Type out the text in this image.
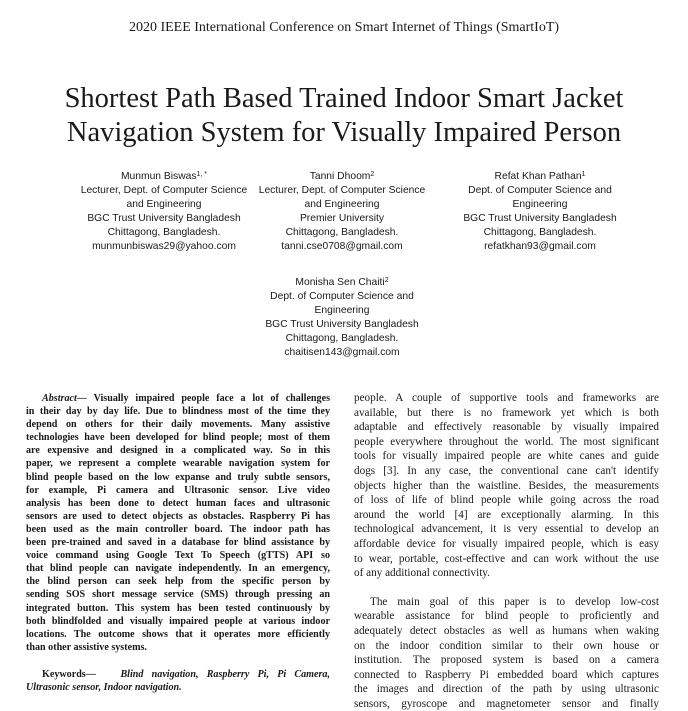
2020 IEEE International Conference on Smart Internet of Things (SmartIoT)
Shortest Path Based Trained Indoor Smart Jacket
Navigation System for Visually Impaired Person
Munmun Biswas$^{1, *}$
Lecturer, Dept. of Computer Science
and Engineering
BGC Trust University Bangladesh
Chittagong, Bangladesh.
munmunbiswas29@yahoo.com
Tanni Dhoom$^2$
Lecturer, Dept. of Computer Science
and Engineering
Premier University
Chittagong, Bangladesh.
tanni.cse0708@gmail.com
Refat Khan Pathan$^1$
Dept. of Computer Science and
Engineering
BGC Trust University Bangladesh
Chittagong, Bangladesh.
refatkhan93@gmail.com
Monisha Sen Chaiti$^2$
Dept. of Computer Science and
Engineering
BGC Trust University Bangladesh
Chittagong, Bangladesh.
chaitisen143@gmail.com
Abstract— Visually impaired people face a lot of challenges
in their day by day life. Due to blindness most of the time they
depend on others for their daily movements. Many assistive
technologies have been developed for blind people; most of them
are expensive and designed in a complicated way. So in this
paper, we represent a complete wearable navigation system for
blind people based on the low expanse and truly subtle sensors,
for example, Pi camera and Ultrasonic sensor. Live video
analysis has been done to detect human faces and ultrasonic
sensors are used to detect objects as obstacles. Raspberry Pi has
been used as the main controller board. The indoor path has
been pre-trained and saved in a database for blind assistance by
voice command using Google Text To Speech (gTTS) API so
that blind people can navigate independently. In an emergency,
the blind person can seek help from the specific person by
sending SOS short message service (SMS) through pressing an
integrated button. This system has been tested continuously by
both blindfolded and visually impaired people at various indoor
locations. The outcome shows that it operates more efficiently
than other assistive systems.
Keywords— Blind navigation, Raspberry Pi, Pi Camera,
Ultrasonic sensor, Indoor navigation.
people. A couple of supportive tools and frameworks are
available, but there is no framework yet which is both
adaptable and effectively reasonable by visually impaired
people everywhere throughout the world. The most significant
tools for visually impaired people are white canes and guide
dogs [3]. In any case, the conventional cane can't identify
objects higher than the waistline. Besides, the measurements
of loss of life of blind people while going across the road
around the world [4] are exceptionally alarming. In this
technological advancement, it is very essential to develop an
affordable device for visually impaired people, which is easy
to wear, portable, cost-effective and can work without the use
of any additional connectivity.
The main goal of this paper is to develop low-cost
wearable assistance for blind people to proficiently and
adequately detect obstacles as well as humans when waking
on the indoor condition similar to their own house or
institution. The proposed system is based on a camera
connected to Raspberry Pi embedded board which captures
the images and direction of the path by using ultrasonic
sensors, gyroscope and magnetometer sensor and finally
